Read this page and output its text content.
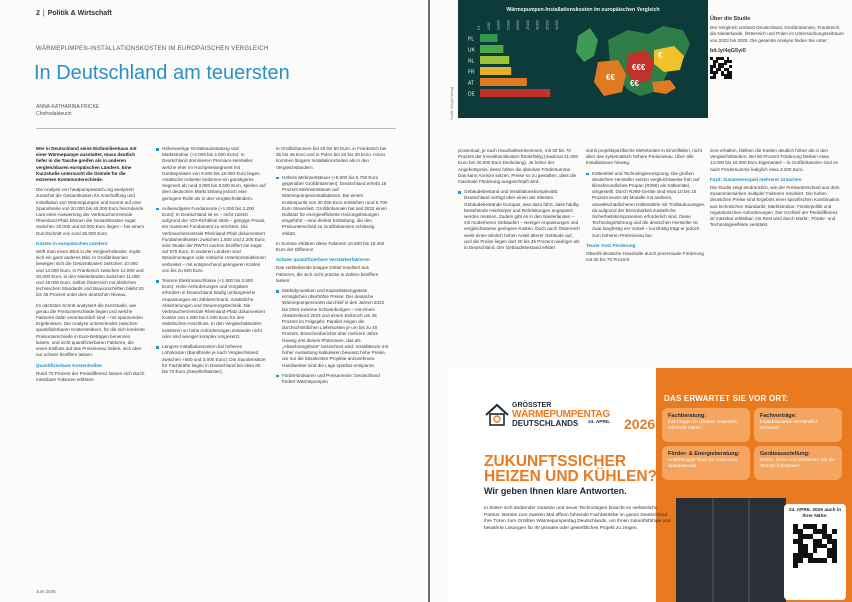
2 | Politik & Wirtschaft
WÄRMEPUMPEN-INSTALLATIONSKOSTEN IM EUROPÄISCHEN VERGLEICH
In Deutschland am teuersten
ANNA-KATHARINA FRICKE
Chefredakteurin

Wer in Deutschland seine Einfamilienhaus mit einer Wärmepumpe ausstattet, muss deutlich tiefer in die Tasche greifen als in anderen vergleichbaren europäischen Ländern. Eine Kurzstudie untersucht die Gründe für die extremen Kostenunterschiede.

Die Analyse von heatpumpswatch.org analysiert zunächst die Gesamtkosten für Anschaffung und Installation von Wärmepumpen und kommt auf eine Spannbreite von 20.000 bis 40.000 Euro hierzulande. Laut einer Auswertung der Verbraucherzentrale Rheinland-Pfalz können die Gesamtkosten sogar zwischen 20.000 und 63.000 Euro liegen – bei einem Durchschnitt von rund 36.000 Euro.

Kosten in europäischen Ländern

Wirft man einen Blick in die Vergleichsländer, ergibt sich ein ganz anderes Bild. In Großbritannien bewegen sich die Gesamtkosten zwischen 10.000 und 14.000 Euro, in Frankreich zwischen 12.000 und 20.000 Euro, in den Niederlanden zwischen 11.000 und 19.000 Euro. Selbst Österreich mit ähnlichen technischen Standards und Bauvorschriften bleibt 20 bis 35 Prozent unter dem deutschen Niveau.

Im nächsten Schritt analysiert die Kurzstudie, wie genau die Preisunterschiede liegen und welche Faktoren dafür verantwortlich sind – mit spannenden Ergebnissen. Die Analyse unterscheidet zwischen quantifizierbaren Kostentreibern, für die sich konkrete Preisunterschiede in Euro-Beträgen benennen lassen, und nicht quantifizierbaren Faktoren, die einen Einfluss auf das Preisniveau haben, sich aber nur schwer beziffern lassen.

Quantifizierbare Kostentreiber

Rund 70 Prozent der Preisdifferenz lassen sich durch messbare Faktoren erklären:

Höherwertige Gerätteausstattung und Marktstruktur (+2.009 bis 4.000 Euro): In Deutschland dominieren Premium-Hersteller, welche eher im Hochpreissegment mit Gerätepreisen von 9.000 bis 18.000 Euro liegen. Asiatische Anbieter bedienen ein günstigeres Segment ab rund 3.000 bis 8.500 Euro, spielen auf dem deutschen Markt bislang jedoch eine geringere Rolle als in den Vergleichsländern.
Aufwendigere Fundamente (+1.000 bis 2.200 Euro): In Deutschland ist es – nicht zuletzt aufgrund der VDI-Richtlinie 4645 – gängige Praxis, ein massives Fundament zu errichten. Die Verbraucherzentrale Rheinland-Pfalz dokumentiert Fundamentkosten zwischen 1.500 und 2.200 Euro; eine Studie der RWTH Aachen beziffert sie sogar auf 570 Euro. In anderen Ländern sind Wandmontagen oder einfache Unterkonstruktionen verbreitet – mit entsprechend geringeren Kosten von bis zu 500 Euro.
Teurere Elektroanschlüsse (+1.500 bis 2.500 Euro): Hohe Anforderungen und Vorgaben erfordern in Deutschland häufig umfangreiche Anpassungen am Zählerschrank, zusätzliche Absicherungen und Steuerungstechnik. Die Verbraucherzentrale Rheinland-Pfalz dokumentiert Kosten von 1.800 bis 4.000 Euro für den elektrischen Anschluss. In den Vergleichsländern existieren so hohe Anforderungen entweder nicht oder sind weniger komplex umgesetzt.
Längere Installationszeiten bei höheren Lohnkosten (Bandbreite je nach Vergleichsland zwischen +500 und 3.000 Euro): Die Stundensätze für Fachkräfte liegen in Deutschland bei etwa 60 bis 70 Euro (Geselle/Meister),

in Großbritannien bei 45 bis 60 Euro, in Frankreich bei 35 bis 45 Euro und in Polen bei 20 bis 30 Euro. Hinzu kommen längere Installationszeiten als in den Vergleichsländern.

Höhere Mehrwertsteuer (+5.000 bis 5.700 Euro gegenüber Großbritannien): Deutschland erhebt 19 Prozent Mehrwertsteuer auf Wärmepumpeninstallationen. Bei einem Kostenpunkt von 30.000 Euro entstehen rund 5.700 Euro Steuerlast. Großbritannien hat seit 2022 einen Nullsatz für energieeffiziente Heizungslösungen eingeführt – eine direkte Entlastung, die den Preisunterschied zu Großbritannien schlüssig erklärt.

In Summe erklären diese Faktoren 10.500 bis 18.400 Euro der Differenz.

Schwer quantifizierbare Verstärkerfaktoren

Das verbleibende knappe Drittel resultiert aus Faktoren, die sich nicht präzise in Zahlen beziffern lassen:

Marktdynamiken und Kapazitätsengpässe ermöglichen überhöhte Preise: Der deutsche Wärmepumpenmarkt durchlief in den Jahren 2022 bis 2024 extreme Schwankungen – mit einem Absatzrekord 2023 und einem Einbruch um 46 Prozent im Folgejahr. Parallel zeigen die durchschnittlichen Lieferkosten je um bis zu 40 Prozent. Branchenberichte über mehrere Jahre hinweg erst dieses Phänomen, das als „Abwehrangebote“ bezeichnet wird: Installateure mit hoher Auslastung kalkulieren bewusst hohe Preise, um nur die lukrativsten Projekte anzunehmen. Handwerker sind die Lage spürbar entspannt.
Förderstrukturen und Preisanreize: Deutschland fördert Wärmepumpen
Juni 2026
Wärmepumpen-Installationskosten im europäischen Vergleich
€
€€
€€
€€€
PL
UK
NL
FR
AT
DE
0 € 5.000 10.000 15.000 20.000 25.000 30.000 35.000 40.000
Grafik: Weigel-Verlag
Über die Studie
Der Vergleich umfasst Deutschland, Großbritannien, Frankreich, die Niederlande, Österreich und Polen im Untersuchungszeitraum von 2022 bis 2025. Die gesamte Analyse finden Sie unter:
bit.ly/4qG5yi0

prozentual, je nach Haushaltseinkommen, mit 30 bis 70 Prozent der Investitionskosten förderfähig (maximal 21.000 Euro bei 30.000 Euro Deckelung). Je höher der Angebotspreis, desto höher die absolute Fördersumme. Das kann Anreize setzen, Preise so zu gestalten, dass die maximale Förderung ausgeschöpft wird.

Gebäudebestand und Installationskomplexität: Deutschland verfügt über einen der ältesten Gebäudebestände Europas, was dazu führt, dass häufig bestehende Heizkörper und Rohrleitungen angepasst werden müssen. Zudem gibt es in den Niederlanden – mit moderneren Gebäuden – weniger Anpassungen und vergleichsweise geringere Kosten. Doch auch Österreich weist einen ähnlich hohen Anteil älterer Gebäude auf, und die Preise liegen dort 20 bis 35 Prozent niedriger als in Deutschland. Der Gebäudebestand erklärt

somit projektspezifische Mehrkosten in Einzelfällen, nicht aber das systematisch höhere Preisniveau. Über alle Installationen hinweg.

Kältemittel und Technologievorsprung: Die großen deutschen Hersteller setzen vergleichsweise früh auf klimafreundliches Propan (R290) als Kältemittel, umgestellt. Durch R290-Geräte sind etwa 10 bis 15 Prozent teurer als Modelle mit anderen, umweltschädlicheren Kältemitteln mit Trolltaubuunsgen, da aufgrund der Brennbarkeit zusätzliche Sicherheitskomponenten erforderlich sind. Diese Technologieführung und die deutschen Hersteller ist zwar langfristig ein Vorteil – kurzfristig trägt er jedoch zum höheren Preisniveau bei.
Teurer trotz Förderung

Obwohl deutsche Haushalte durch prozentuale Förderung mit 30 bis 70 Prozent

zent erhalten, bleiben die Kosten deutlich höher als in den Vergleichsländern. Bei 50 Prozent Förderung bleiben etwa 14.000 bis 16.000 Euro Eigenanteil – in Großbritannien sind es nach Fördersumme lediglich etwa 3.200 Euro.

Fazit: Zusammenspiel mehrerer Ursachen

Die Studie zeigt eindrücklich, wie der Preisunterschied aus dem Zusammenwirken multipler Faktoren resultiert. Die hohen deutschen Preise sind Ergebnis einer spezifischen Kombination aus technischen Standards, Marktstruktur, Förderpolitik und regulatorischen Anforderungen. Der Großteil der Preisdifferenz ist messbar erklärbar, ein Rest wird durch Markt-, Förder- und Technologieeffekte verstärkt.

GRÖSSTER
WÄRMEPUMPENTAG
DEUTSCHLANDS 24. APRIL 2026
ZUKUNFTSSICHER HEIZEN UND KÜHLEN?
Wir geben Ihnen klare Antworten.
In Zeiten sich ändernder Gesetze und neuer Technologien braucht es verlässliche Partner. Bereits zum zweiten Mal öffnen führende Fachbetriebe im ganze Deutschland ihre Türen zum Größten Wärmepumpentag Deutschlands, um Ihnen zukunftsfähige und bewährte Lösungen für Ihr privates oder gewerbliches Projekt zu zeigen.
DAS ERWARTET SIE VOR ORT:
Fachberatung:
Ihre Fragen im direkten Gespräch mit Profis klären.
Fachvorträge:
Expertenwissen verständlich vermittelt.
Förder- & Energieberatung:
Unabhängige Tipps für maximales Sparpotenzial.
Geräteausstellung:
Sehen, hören und verstehen, wie die Technik funktioniert.
24. APRIL 2026 auch in Ihrer Nähe:
